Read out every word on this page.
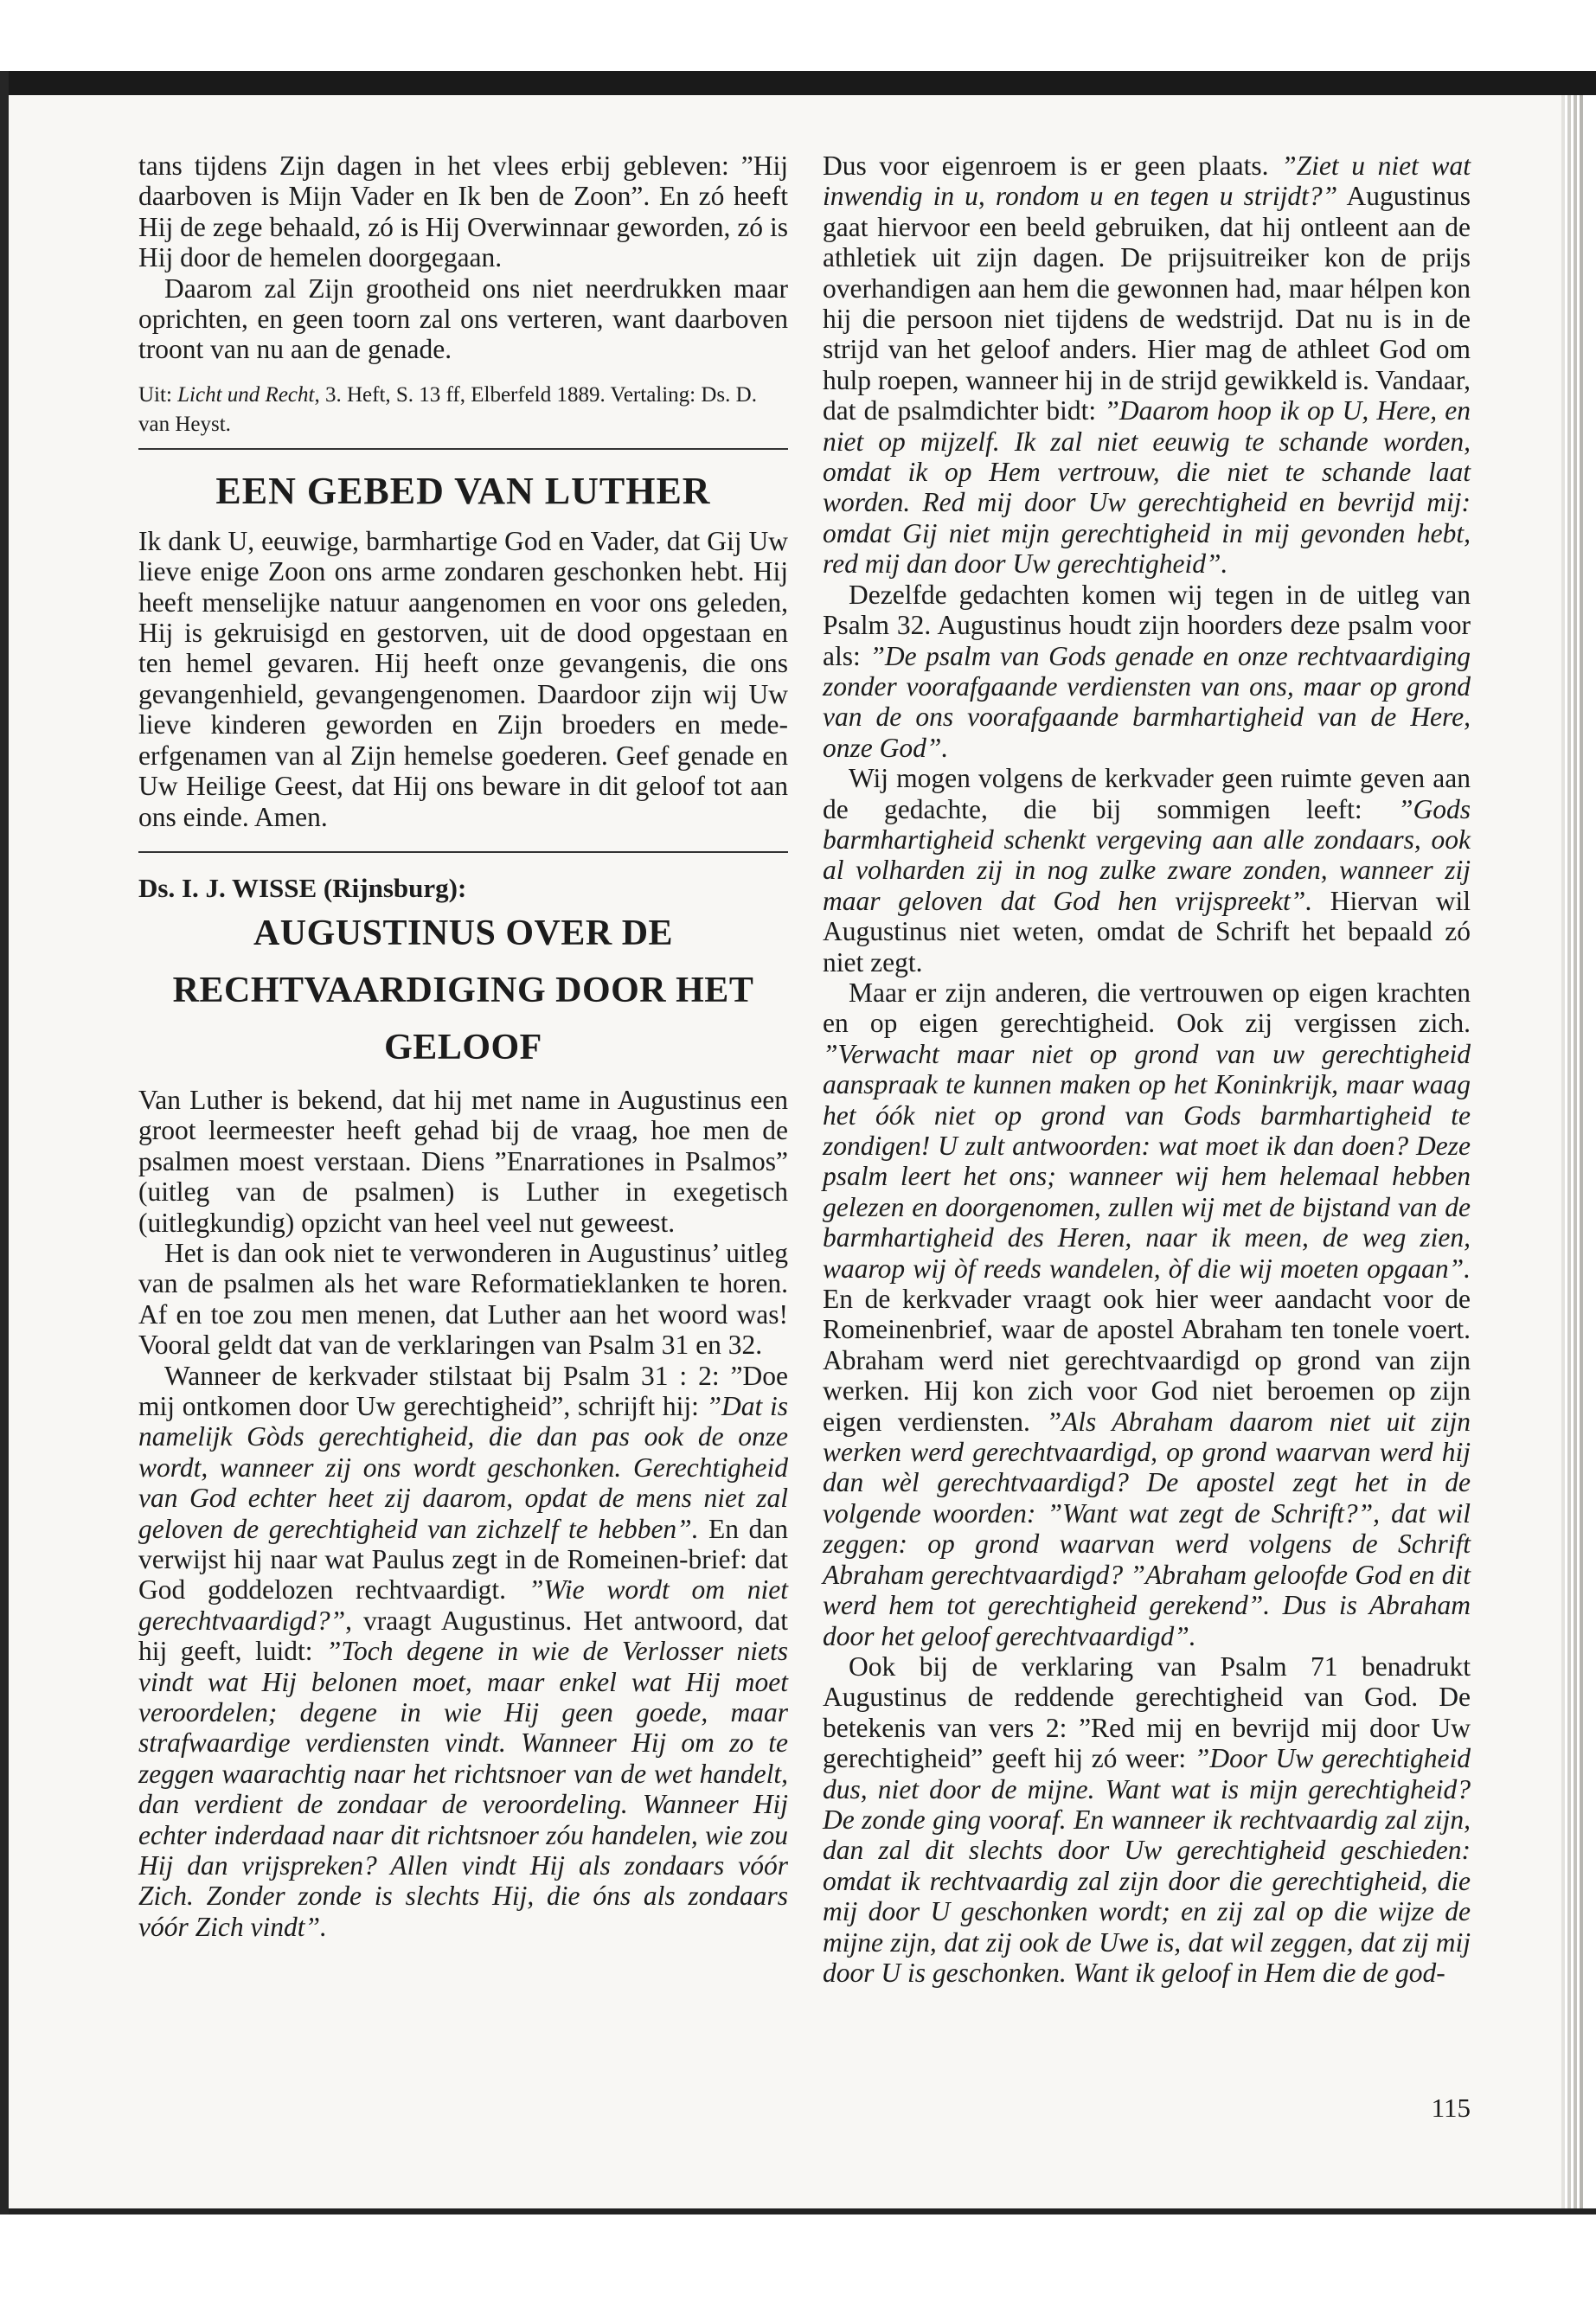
tans tijdens Zijn dagen in het vlees erbij gebleven: ”Hij daarboven is Mijn Vader en Ik ben de Zoon”. En zó heeft Hij de zege behaald, zó is Hij Overwinnaar geworden, zó is Hij door de hemelen doorgegaan.

Daarom zal Zijn grootheid ons niet neerdrukken maar oprichten, en geen toorn zal ons verteren, want daarboven troont van nu aan de genade.

Uit: Licht und Recht, 3. Heft, S. 13 ff, Elberfeld 1889. Vertaling: Ds. D. van Heyst.

EEN GEBED VAN LUTHER

Ik dank U, eeuwige, barmhartige God en Vader, dat Gij Uw lieve enige Zoon ons arme zondaren geschonken hebt. Hij heeft menselijke natuur aangenomen en voor ons geleden, Hij is gekruisigd en gestorven, uit de dood opgestaan en ten hemel gevaren. Hij heeft onze gevangenis, die ons gevangenhield, gevangengenomen. Daardoor zijn wij Uw lieve kinderen geworden en Zijn broeders en mede-erfgenamen van al Zijn hemelse goederen. Geef genade en Uw Heilige Geest, dat Hij ons beware in dit geloof tot aan ons einde. Amen.

Ds. I. J. WISSE (Rijnsburg):

AUGUSTINUS OVER DE RECHTVAARDIGING DOOR HET GELOOF

Van Luther is bekend, dat hij met name in Augustinus een groot leermeester heeft gehad bij de vraag, hoe men de psalmen moest verstaan. Diens ”Enarrationes in Psalmos” (uitleg van de psalmen) is Luther in exegetisch (uitlegkundig) opzicht van heel veel nut geweest.

Het is dan ook niet te verwonderen in Augustinus’ uitleg van de psalmen als het ware Reformatieklanken te horen. Af en toe zou men menen, dat Luther aan het woord was! Vooral geldt dat van de verklaringen van Psalm 31 en 32.

Wanneer de kerkvader stilstaat bij Psalm 31 : 2: ”Doe mij ontkomen door Uw gerechtigheid”, schrijft hij: ”Dat is namelijk Gòds gerechtigheid, die dan pas ook de onze wordt, wanneer zij ons wordt geschonken. Gerechtigheid van God echter heet zij daarom, opdat de mens niet zal geloven de gerechtigheid van zichzelf te hebben”. En dan verwijst hij naar wat Paulus zegt in de Romeinen-brief: dat God goddelozen rechtvaardigt. ”Wie wordt om niet gerechtvaardigd?”, vraagt Augustinus. Het antwoord, dat hij geeft, luidt: ”Toch degene in wie de Verlosser niets vindt wat Hij belonen moet, maar enkel wat Hij moet veroordelen; degene in wie Hij geen goede, maar strafwaardige verdiensten vindt. Wanneer Hij om zo te zeggen waarachtig naar het richtsnoer van de wet handelt, dan verdient de zondaar de veroordeling. Wanneer Hij echter inderdaad naar dit richtsnoer zóu handelen, wie zou Hij dan vrijspreken? Allen vindt Hij als zondaars vóór Zich. Zonder zonde is slechts Hij, die óns als zondaars vóór Zich vindt”.

Dus voor eigenroem is er geen plaats. ”Ziet u niet wat inwendig in u, rondom u en tegen u strijdt?” Augustinus gaat hiervoor een beeld gebruiken, dat hij ontleent aan de athletiek uit zijn dagen. De prijsuitreiker kon de prijs overhandigen aan hem die gewonnen had, maar hélpen kon hij die persoon niet tijdens de wedstrijd. Dat nu is in de strijd van het geloof anders. Hier mag de athleet God om hulp roepen, wanneer hij in de strijd gewikkeld is. Vandaar, dat de psalmdichter bidt: ”Daarom hoop ik op U, Here, en niet op mijzelf. Ik zal niet eeuwig te schande worden, omdat ik op Hem vertrouw, die niet te schande laat worden. Red mij door Uw gerechtigheid en bevrijd mij: omdat Gij niet mijn gerechtigheid in mij gevonden hebt, red mij dan door Uw gerechtigheid”.

Dezelfde gedachten komen wij tegen in de uitleg van Psalm 32. Augustinus houdt zijn hoorders deze psalm voor als: ”De psalm van Gods genade en onze rechtvaardiging zonder voorafgaande verdiensten van ons, maar op grond van de ons voorafgaande barmhartigheid van de Here, onze God”.

Wij mogen volgens de kerkvader geen ruimte geven aan de gedachte, die bij sommigen leeft: ”Gods barmhartigheid schenkt vergeving aan alle zondaars, ook al volharden zij in nog zulke zware zonden, wanneer zij maar geloven dat God hen vrijspreekt”. Hiervan wil Augustinus niet weten, omdat de Schrift het bepaald zó niet zegt.

Maar er zijn anderen, die vertrouwen op eigen krachten en op eigen gerechtigheid. Ook zij vergissen zich. ”Verwacht maar niet op grond van uw gerechtigheid aanspraak te kunnen maken op het Koninkrijk, maar waag het óók niet op grond van Gods barmhartigheid te zondigen! U zult antwoorden: wat moet ik dan doen? Deze psalm leert het ons; wanneer wij hem helemaal hebben gelezen en doorgenomen, zullen wij met de bijstand van de barmhartigheid des Heren, naar ik meen, de weg zien, waarop wij òf reeds wandelen, òf die wij moeten opgaan”. En de kerkvader vraagt ook hier weer aandacht voor de Romeinenbrief, waar de apostel Abraham ten tonele voert. Abraham werd niet gerechtvaardigd op grond van zijn werken. Hij kon zich voor God niet beroemen op zijn eigen verdiensten. ”Als Abraham daarom niet uit zijn werken werd gerechtvaardigd, op grond waarvan werd hij dan wèl gerechtvaardigd? De apostel zegt het in de volgende woorden: ”Want wat zegt de Schrift?”, dat wil zeggen: op grond waarvan werd volgens de Schrift Abraham gerechtvaardigd? ”Abraham geloofde God en dit werd hem tot gerechtigheid gerekend”. Dus is Abraham door het geloof gerechtvaardigd”.

Ook bij de verklaring van Psalm 71 benadrukt Augustinus de reddende gerechtigheid van God. De betekenis van vers 2: ”Red mij en bevrijd mij door Uw gerechtigheid” geeft hij zó weer: ”Door Uw gerechtigheid dus, niet door de mijne. Want wat is mijn gerechtigheid? De zonde ging vooraf. En wanneer ik rechtvaardig zal zijn, dan zal dit slechts door Uw gerechtigheid geschieden: omdat ik rechtvaardig zal zijn door die gerechtigheid, die mij door U geschonken wordt; en zij zal op die wijze de mijne zijn, dat zij ook de Uwe is, dat wil zeggen, dat zij mij door U is geschonken. Want ik geloof in Hem die de god-

115
